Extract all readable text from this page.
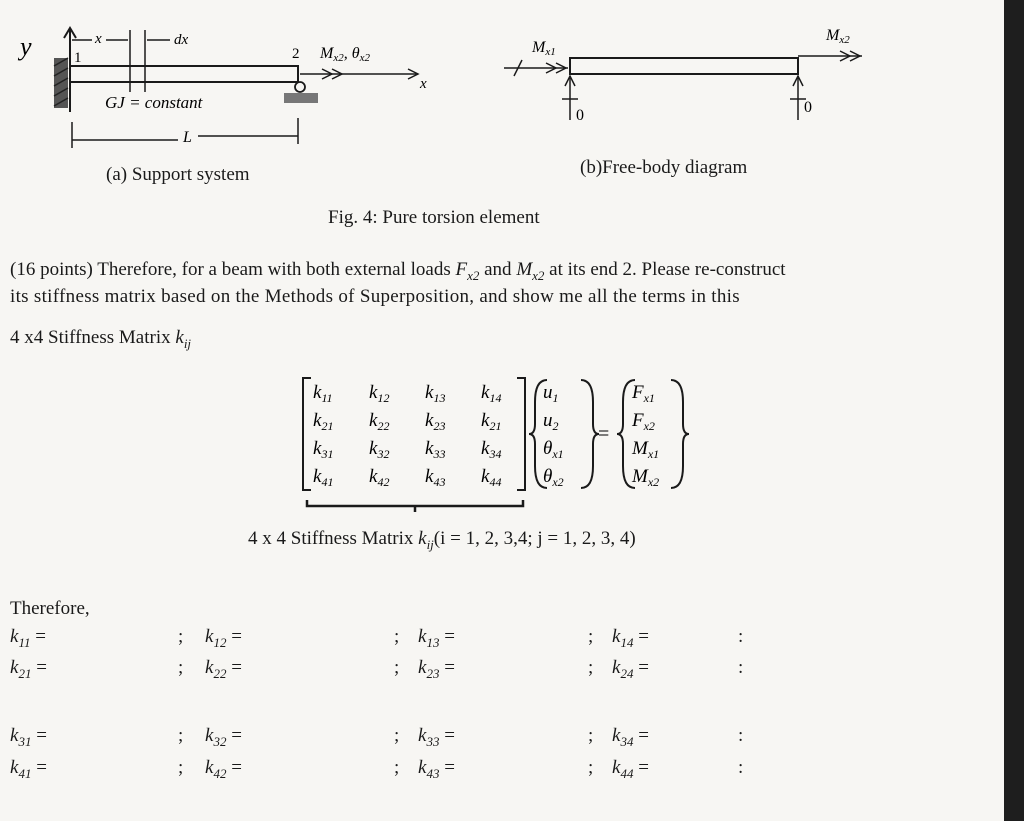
y	1
x	dx
2 Mx2, θx2
x
GJ = constant
L
(a) Support system
Mx1
Mx2
0	0
(b)Free-body diagram
Fig. 4: Pure torsion element
(16 points) Therefore, for a beam with both external loads $F_{x2}$ and $M_{x2}$ at its end 2. Please re-construct
its stiffness matrix based on the Methods of Superposition, and show me all the terms in this
4 x4 Stiffness Matrix $k_{ij}$
=
$k_{11}$ $k_{12}$ $k_{13}$ $k_{14}$
$k_{21}$ $k_{22}$ $k_{23}$ $k_{21}$
$k_{31}$ $k_{32}$ $k_{33}$ $k_{34}$
$k_{41}$ $k_{42}$ $k_{43}$ $k_{44}$
$u_1$
$u_2$
$\theta_{x1}$
$\theta_{x2}$
$F_{x1}$
$F_{x2}$
$M_{x1}$
$M_{x2}$
4 x 4 Stiffness Matrix $k_{ij}(i = 1$, 2, 3,4; j = 1, 2, 3, 4)
Therefore,
$k_{11}$ =	; $k_{12}$ =	; $k_{13}$ =	; $k_{14}$ =	:
$k_{21}$ =	; $k_{22}$ =	; $k_{23}$ =	; $k_{24}$ =	:
$k_{31}$ =	; $k_{32}$ =	; $k_{33}$ =	; $k_{34}$ =	:
$k_{41}$ =	; $k_{42}$ =	; $k_{43}$ =	; $k_{44}$ =	:
